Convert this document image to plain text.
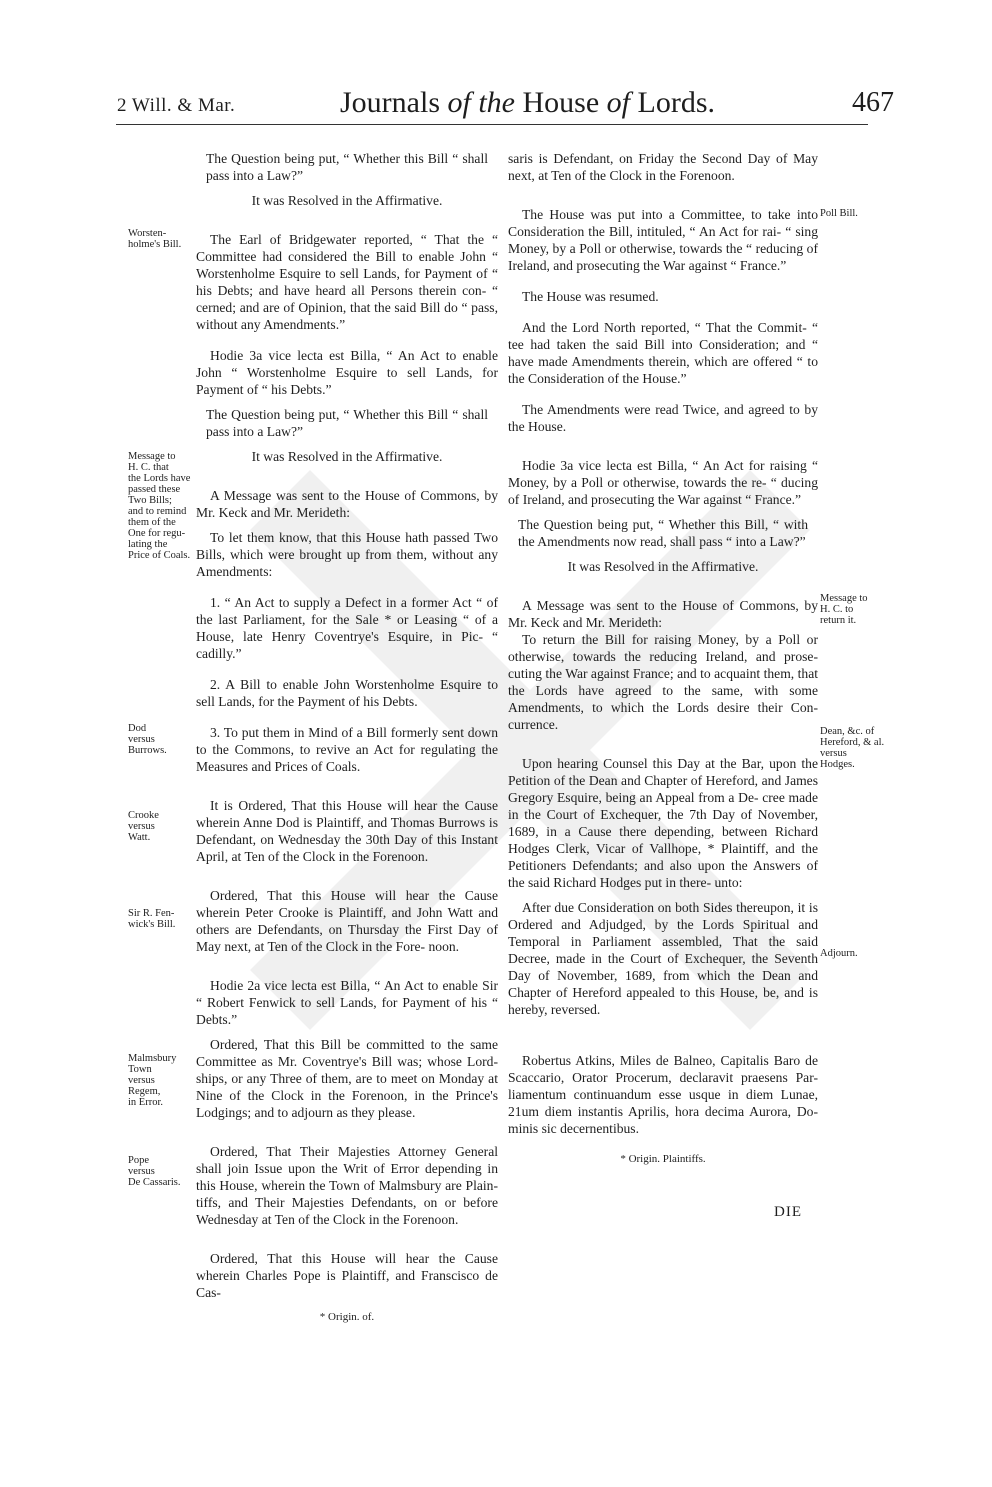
2 Will. & Mar.	Journals of the House of Lords.	467
Worsten-
holme's Bill.
Message to
H. C. that
the Lords have
passed these
Two Bills;
and to remind
them of the
One for regu-
lating the
Price of Coals.
Dod
versus
Burrows.
Crooke
versus
Watt.
Sir R. Fen-
wick's Bill.
Malmsbury
Town
versus
Regem,
in Error.
Pope
versus
De Cassaris.
Poll Bill.
Message to
H. C. to
return it.
Dean, &c. of
Hereford, & al.
versus
Hodges.
Adjourn.

The Question being put, “ Whether this Bill “ shall pass into a Law?”

It was Resolved in the Affirmative.

The Earl of Bridgewater reported, “ That the “ Committee had considered the Bill to enable John “ Worstenholme Esquire to sell Lands, for Payment of “ his Debts; and have heard all Persons therein con- “ cerned; and are of Opinion, that the said Bill do “ pass, without any Amendments.”

Hodie 3a vice lecta est Billa, “ An Act to enable John “ Worstenholme Esquire to sell Lands, for Payment of “ his Debts.”

The Question being put, “ Whether this Bill “ shall pass into a Law?”

It was Resolved in the Affirmative.

A Message was sent to the House of Commons, by Mr. Keck and Mr. Merideth:

To let them know, that this House hath passed Two Bills, which were brought up from them, without any Amendments:

1. “ An Act to supply a Defect in a former Act “ of the last Parliament, for the Sale * or Leasing “ of a House, late Henry Coventrye's Esquire, in Pic- “ cadilly.”

2. A Bill to enable John Worstenholme Esquire to sell Lands, for the Payment of his Debts.

3. To put them in Mind of a Bill formerly sent down to the Commons, to revive an Act for regulating the Measures and Prices of Coals.

It is Ordered, That this House will hear the Cause wherein Anne Dod is Plaintiff, and Thomas Burrows is Defendant, on Wednesday the 30th Day of this Instant April, at Ten of the Clock in the Forenoon.

Ordered, That this House will hear the Cause wherein Peter Crooke is Plaintiff, and John Watt and others are Defendants, on Thursday the First Day of May next, at Ten of the Clock in the Fore- noon.

Hodie 2a vice lecta est Billa, “ An Act to enable Sir “ Robert Fenwick to sell Lands, for Payment of his “ Debts.”

Ordered, That this Bill be committed to the same Committee as Mr. Coventrye's Bill was; whose Lord- ships, or any Three of them, are to meet on Monday at Nine of the Clock in the Forenoon, in the Prince's Lodgings; and to adjourn as they please.

Ordered, That Their Majesties Attorney General shall join Issue upon the Writ of Error depending in this House, wherein the Town of Malmsbury are Plain- tiffs, and Their Majesties Defendants, on or before Wednesday at Ten of the Clock in the Forenoon.

Ordered, That this House will hear the Cause wherein Charles Pope is Plaintiff, and Franscisco de Cas-

* Origin. of.

saris is Defendant, on Friday the Second Day of May next, at Ten of the Clock in the Forenoon.

The House was put into a Committee, to take into Consideration the Bill, intituled, “ An Act for rai- “ sing Money, by a Poll or otherwise, towards the “ reducing of Ireland, and prosecuting the War against “ France.”

The House was resumed.

And the Lord North reported, “ That the Commit- “ tee had taken the said Bill into Consideration; and “ have made Amendments therein, which are offered “ to the Consideration of the House.”

The Amendments were read Twice, and agreed to by the House.

Hodie 3a vice lecta est Billa, “ An Act for raising “ Money, by a Poll or otherwise, towards the re- “ ducing of Ireland, and prosecuting the War against “ France.”

The Question being put, “ Whether this Bill, “ with the Amendments now read, shall pass “ into a Law?”

It was Resolved in the Affirmative.

A Message was sent to the House of Commons, by Mr. Keck and Mr. Merideth:

To return the Bill for raising Money, by a Poll or otherwise, towards the reducing Ireland, and prose- cuting the War against France; and to acquaint them, that the Lords have agreed to the same, with some Amendments, to which the Lords desire their Con- currence.

Upon hearing Counsel this Day at the Bar, upon the Petition of the Dean and Chapter of Hereford, and James Gregory Esquire, being an Appeal from a De- cree made in the Court of Exchequer, the 7th Day of November, 1689, in a Cause there depending, between Richard Hodges Clerk, Vicar of Vallhope, * Plaintiff, and the Petitioners Defendants; and also upon the Answers of the said Richard Hodges put in there- unto:

After due Consideration on both Sides thereupon, it is Ordered and Adjudged, by the Lords Spiritual and Temporal in Parliament assembled, That the said Decree, made in the Court of Exchequer, the Seventh Day of November, 1689, from which the Dean and Chapter of Hereford appealed to this House, be, and is hereby, reversed.

Robertus Atkins, Miles de Balneo, Capitalis Baro de Scaccario, Orator Procerum, declaravit praesens Par- liamentum continuandum esse usque in diem Lunae, 21um diem instantis Aprilis, hora decima Aurora, Do- minis sic decernentibus.

* Origin. Plaintiffs.

DIE
